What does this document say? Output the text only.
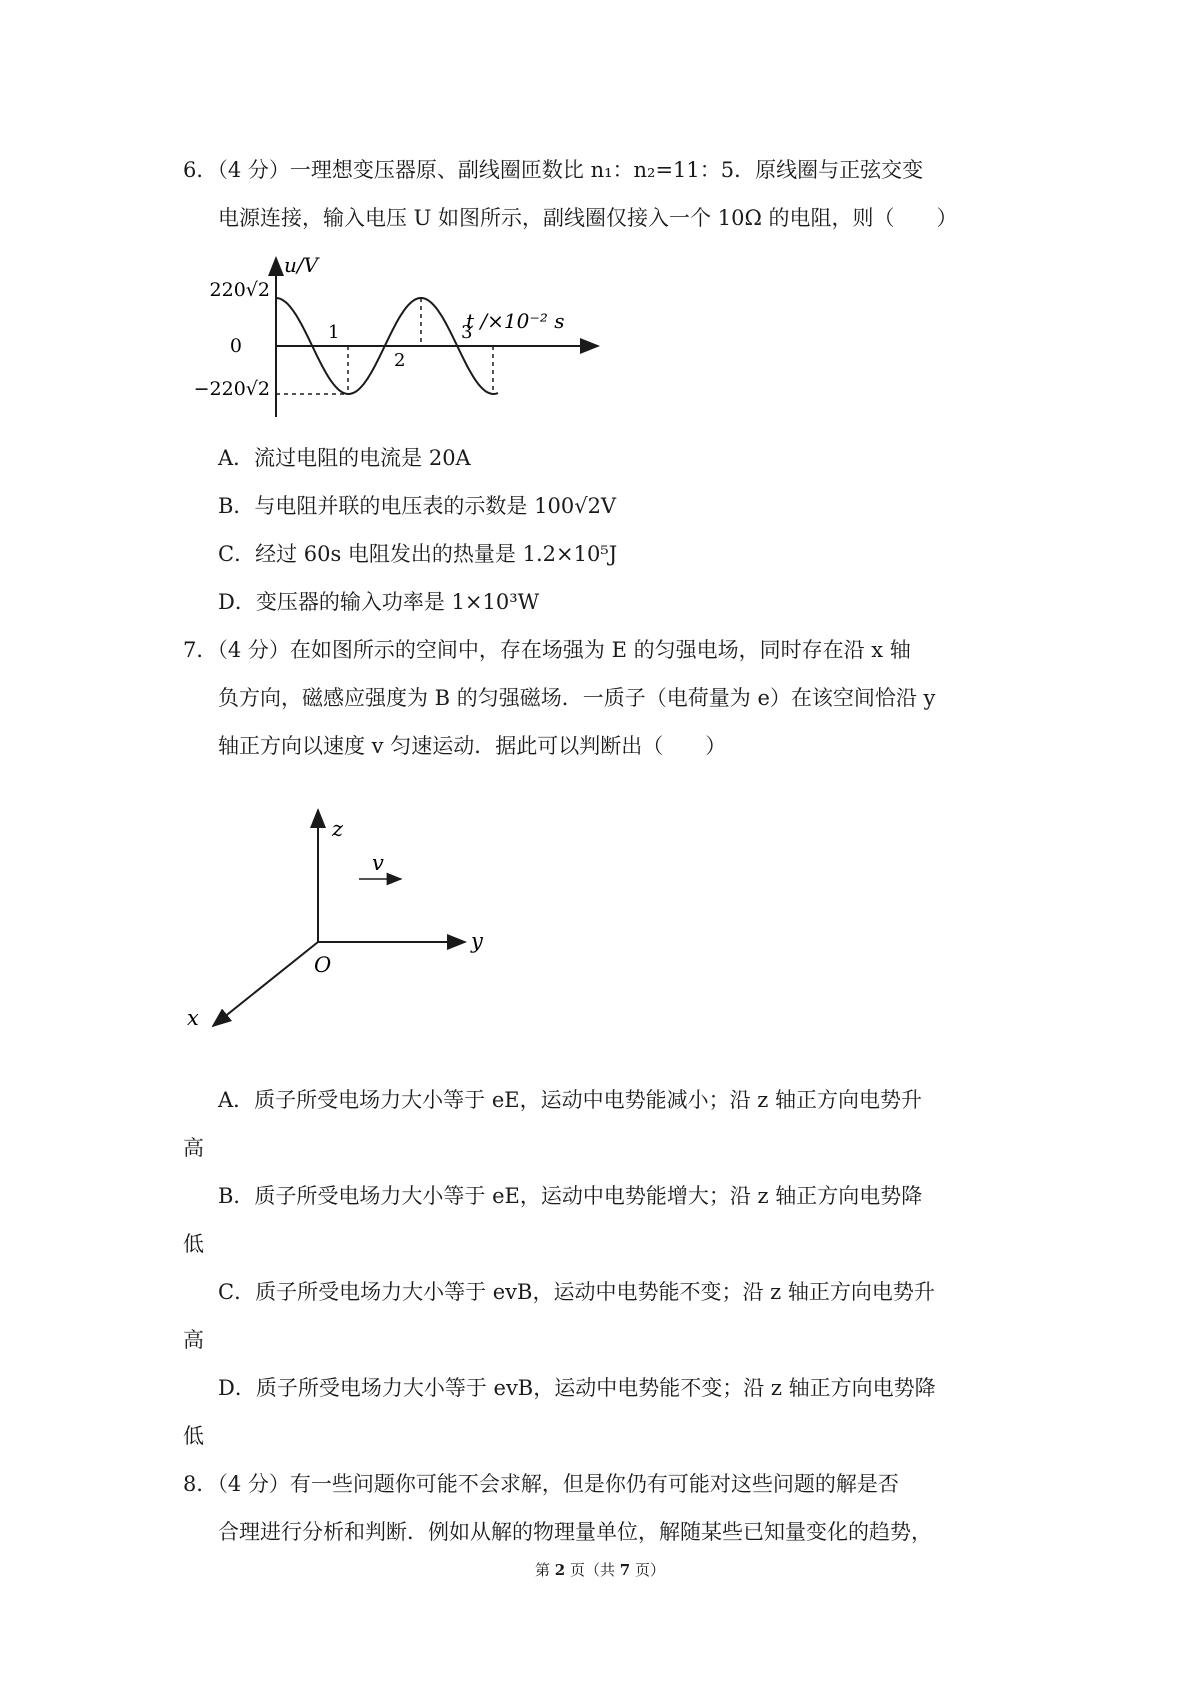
6．（4 分）一理想变压器原、副线圈匝数比 n₁：n₂=11：5．原线圈与正弦交变
电源连接，输入电压 U 如图所示，副线圈仅接入一个 10Ω 的电阻，则（　　）
u/V
220√2
0
−220√2
t /×10⁻² s
1
2
3
A．流过电阻的电流是 20A
B．与电阻并联的电压表的示数是 100√2V
C．经过 60s 电阻发出的热量是 1.2×10⁵J
D．变压器的输入功率是 1×10³W
7．（4 分）在如图所示的空间中，存在场强为 E 的匀强电场，同时存在沿 x 轴
负方向，磁感应强度为 B 的匀强磁场．一质子（电荷量为 e）在该空间恰沿 y
轴正方向以速度 v 匀速运动．据此可以判断出（　　）
z
y
x
O
v
A．质子所受电场力大小等于 eE，运动中电势能减小；沿 z 轴正方向电势升
高
B．质子所受电场力大小等于 eE，运动中电势能增大；沿 z 轴正方向电势降
低
C．质子所受电场力大小等于 evB，运动中电势能不变；沿 z 轴正方向电势升
高
D．质子所受电场力大小等于 evB，运动中电势能不变；沿 z 轴正方向电势降
低
8．（4 分）有一些问题你可能不会求解，但是你仍有可能对这些问题的解是否
合理进行分析和判断．例如从解的物理量单位，解随某些已知量变化的趋势，
第 2 页（共 7 页）
